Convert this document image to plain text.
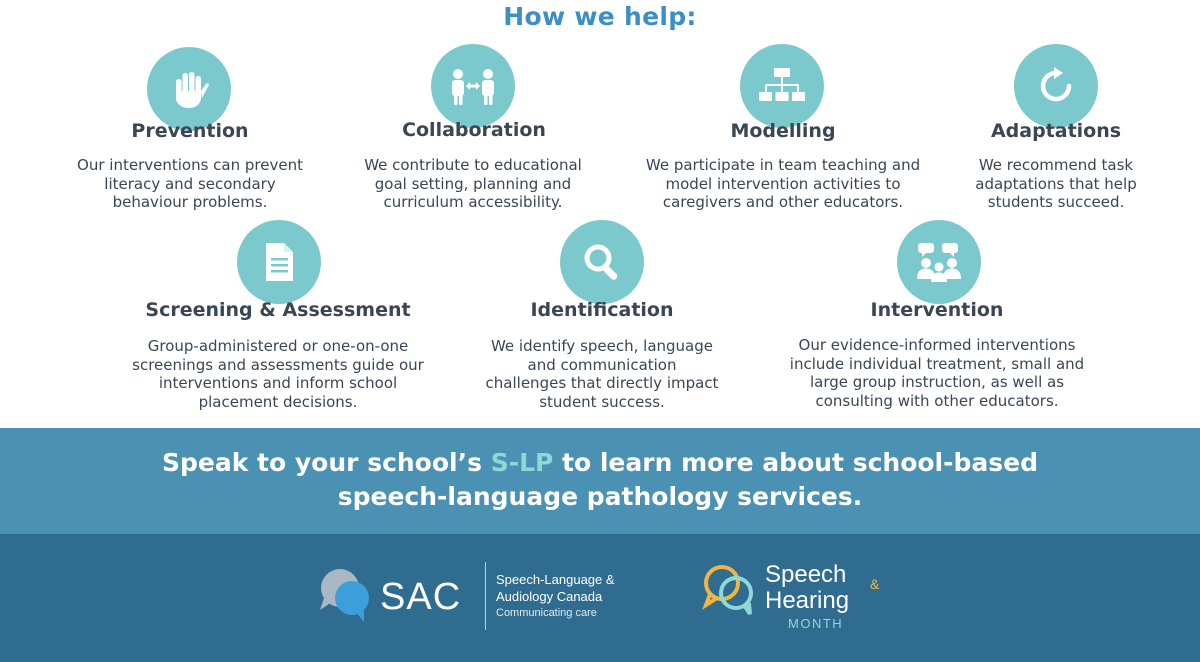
How we help:
Prevention
Our interventions can prevent
literacy and secondary
behaviour problems.
Collaboration
We contribute to educational
goal setting, planning and
curriculum accessibility.
Modelling
We participate in team teaching and
model intervention activities to
caregivers and other educators.
Adaptations
We recommend task
adaptations that help
students succeed.
Screening & Assessment
Group-administered or one-on-one
screenings and assessments guide our
interventions and inform school
placement decisions.
Identification
We identify speech, language
and communication
challenges that directly impact
student success.
Intervention
Our evidence-informed interventions
include individual treatment, small and
large group instruction, as well as
consulting with other educators.
Speak to your school’s S-LP to learn more about school-based
speech-language pathology services.
SAC	Speech-Language &
Audiology Canada
Communicating care
Speech &
Hearing
MONTH
